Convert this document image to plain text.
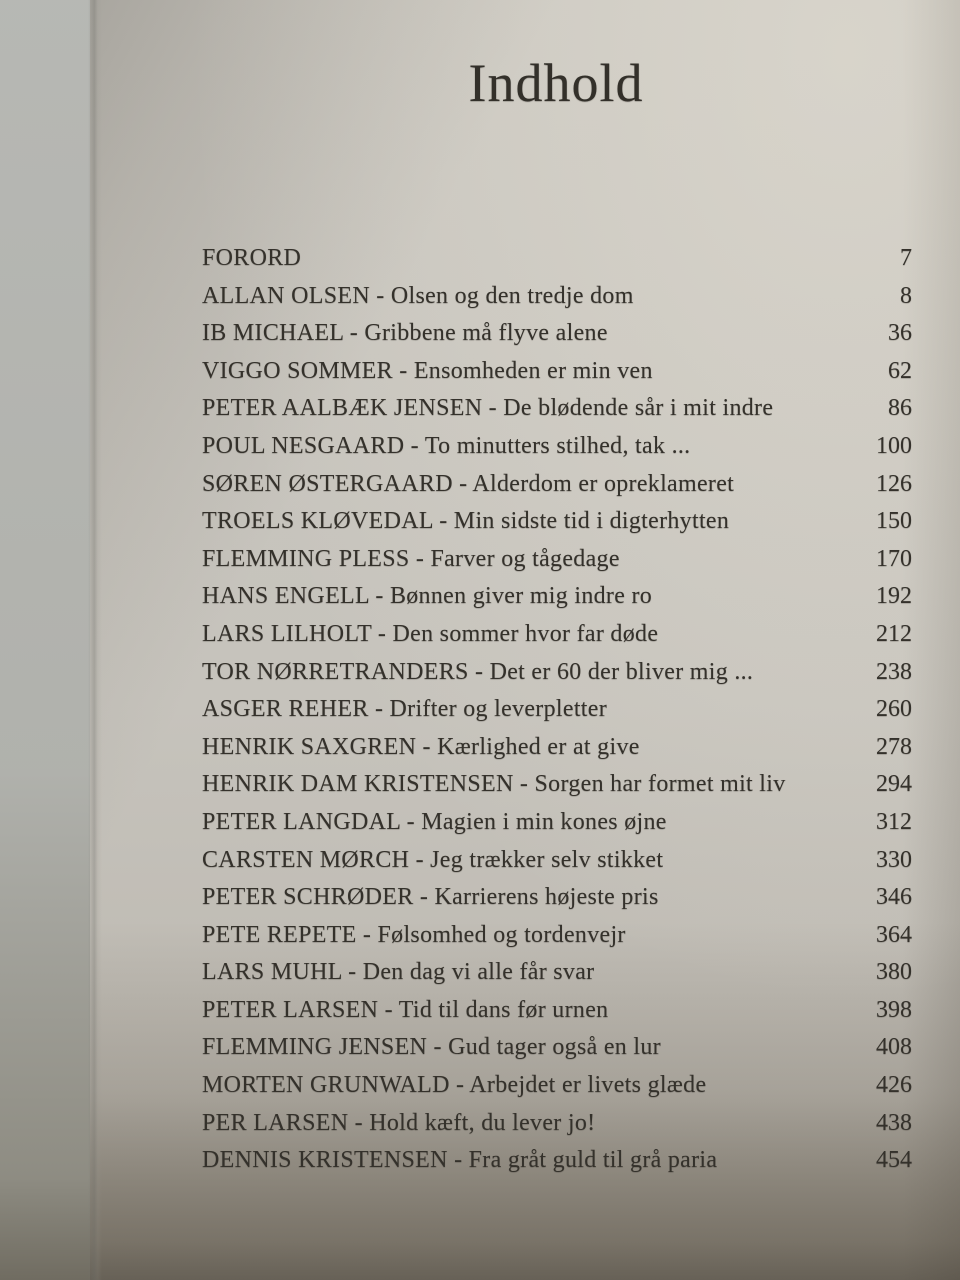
Indhold
FORORD	7
ALLAN OLSEN - Olsen og den tredje dom	8
IB MICHAEL - Gribbene må flyve alene	36
VIGGO SOMMER - Ensomheden er min ven	62
PETER AALBÆK JENSEN - De blødende sår i mit indre	86
POUL NESGAARD - To minutters stilhed, tak ...	100
SØREN ØSTERGAARD - Alderdom er opreklameret	126
TROELS KLØVEDAL - Min sidste tid i digterhytten	150
FLEMMING PLESS - Farver og tågedage	170
HANS ENGELL - Bønnen giver mig indre ro	192
LARS LILHOLT - Den sommer hvor far døde	212
TOR NØRRETRANDERS - Det er 60 der bliver mig ...	238
ASGER REHER - Drifter og leverpletter	260
HENRIK SAXGREN - Kærlighed er at give	278
HENRIK DAM KRISTENSEN - Sorgen har formet mit liv	294
PETER LANGDAL - Magien i min kones øjne	312
CARSTEN MØRCH - Jeg trækker selv stikket	330
PETER SCHRØDER - Karrierens højeste pris	346
PETE REPETE - Følsomhed og tordenvejr	364
LARS MUHL - Den dag vi alle får svar	380
PETER LARSEN - Tid til dans før urnen	398
FLEMMING JENSEN - Gud tager også en lur	408
MORTEN GRUNWALD - Arbejdet er livets glæde	426
PER LARSEN - Hold kæft, du lever jo!	438
DENNIS KRISTENSEN - Fra gråt guld til grå paria	454
